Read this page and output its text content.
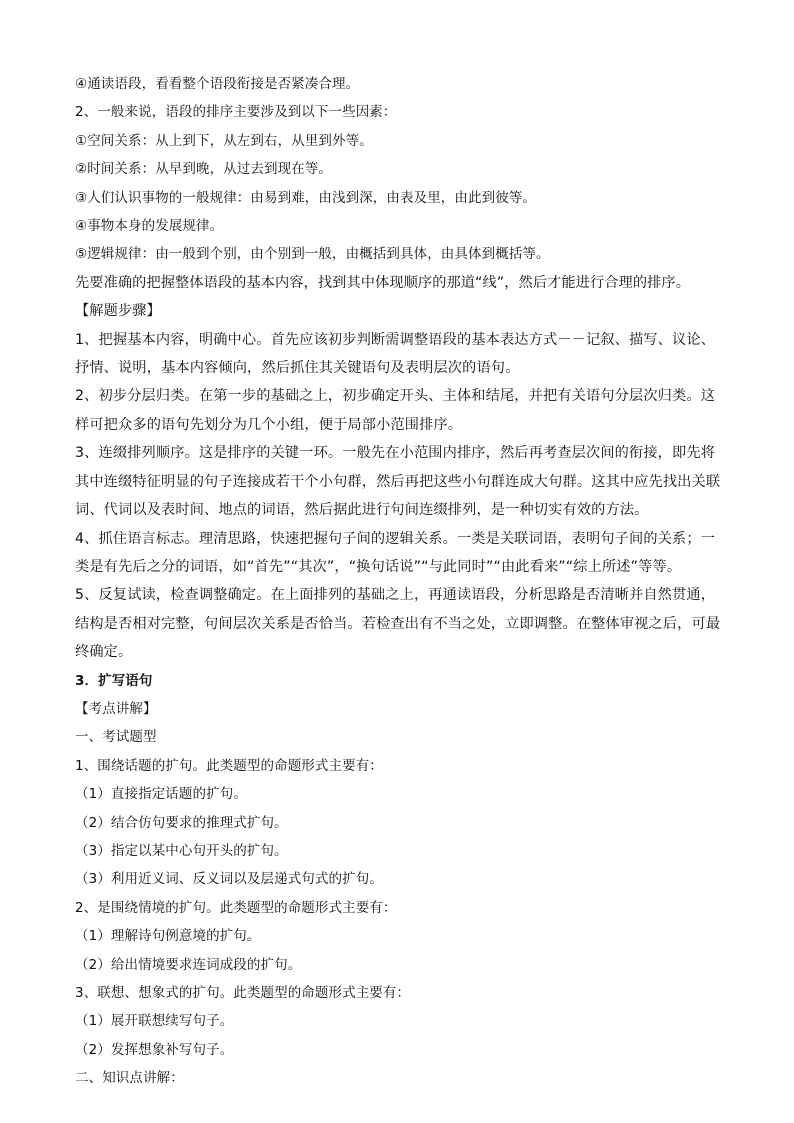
④通读语段，看看整个语段衔接是否紧凑合理。
2、一般来说，语段的排序主要涉及到以下一些因素：
①空间关系：从上到下，从左到右，从里到外等。
②时间关系：从早到晚，从过去到现在等。
③人们认识事物的一般规律：由易到难，由浅到深，由表及里，由此到彼等。
④事物本身的发展规律。
⑤逻辑规律：由一般到个别，由个别到一般，由概括到具体，由具体到概括等。
先要准确的把握整体语段的基本内容，找到其中体现顺序的那道“线”，然后才能进行合理的排序。
【解题步骤】
1、把握基本内容，明确中心。首先应该初步判断需调整语段的基本表达方式－－记叙、描写、议论、抒情、说明，基本内容倾向，然后抓住其关键语句及表明层次的语句。
2、初步分层归类。在第一步的基础之上，初步确定开头、主体和结尾，并把有关语句分层次归类。这样可把众多的语句先划分为几个小组，便于局部小范围排序。
3、连缀排列顺序。这是排序的关键一环。一般先在小范围内排序，然后再考查层次间的衔接，即先将其中连缀特征明显的句子连接成若干个小句群，然后再把这些小句群连成大句群。这其中应先找出关联词、代词以及表时间、地点的词语，然后据此进行句间连缀排列，是一种切实有效的方法。
4、抓住语言标志。理清思路，快速把握句子间的逻辑关系。一类是关联词语，表明句子间的关系；一类是有先后之分的词语，如“首先”“其次”，“换句话说”“与此同时”“由此看来”“综上所述”等等。
5、反复试读，检查调整确定。在上面排列的基础之上，再通读语段，分析思路是否清晰并自然贯通，结构是否相对完整，句间层次关系是否恰当。若检查出有不当之处，立即调整。在整体审视之后，可最终确定。
3．扩写语句
【考点讲解】
一、考试题型
1、围绕话题的扩句。此类题型的命题形式主要有：
（1）直接指定话题的扩句。
（2）结合仿句要求的推理式扩句。
（3）指定以某中心句开头的扩句。
（3）利用近义词、反义词以及层递式句式的扩句。
2、是围绕情境的扩句。此类题型的命题形式主要有：
（1）理解诗句例意境的扩句。
（2）给出情境要求连词成段的扩句。
3、联想、想象式的扩句。此类题型的命题形式主要有：
（1）展开联想续写句子。
（2）发挥想象补写句子。
二、知识点讲解：
